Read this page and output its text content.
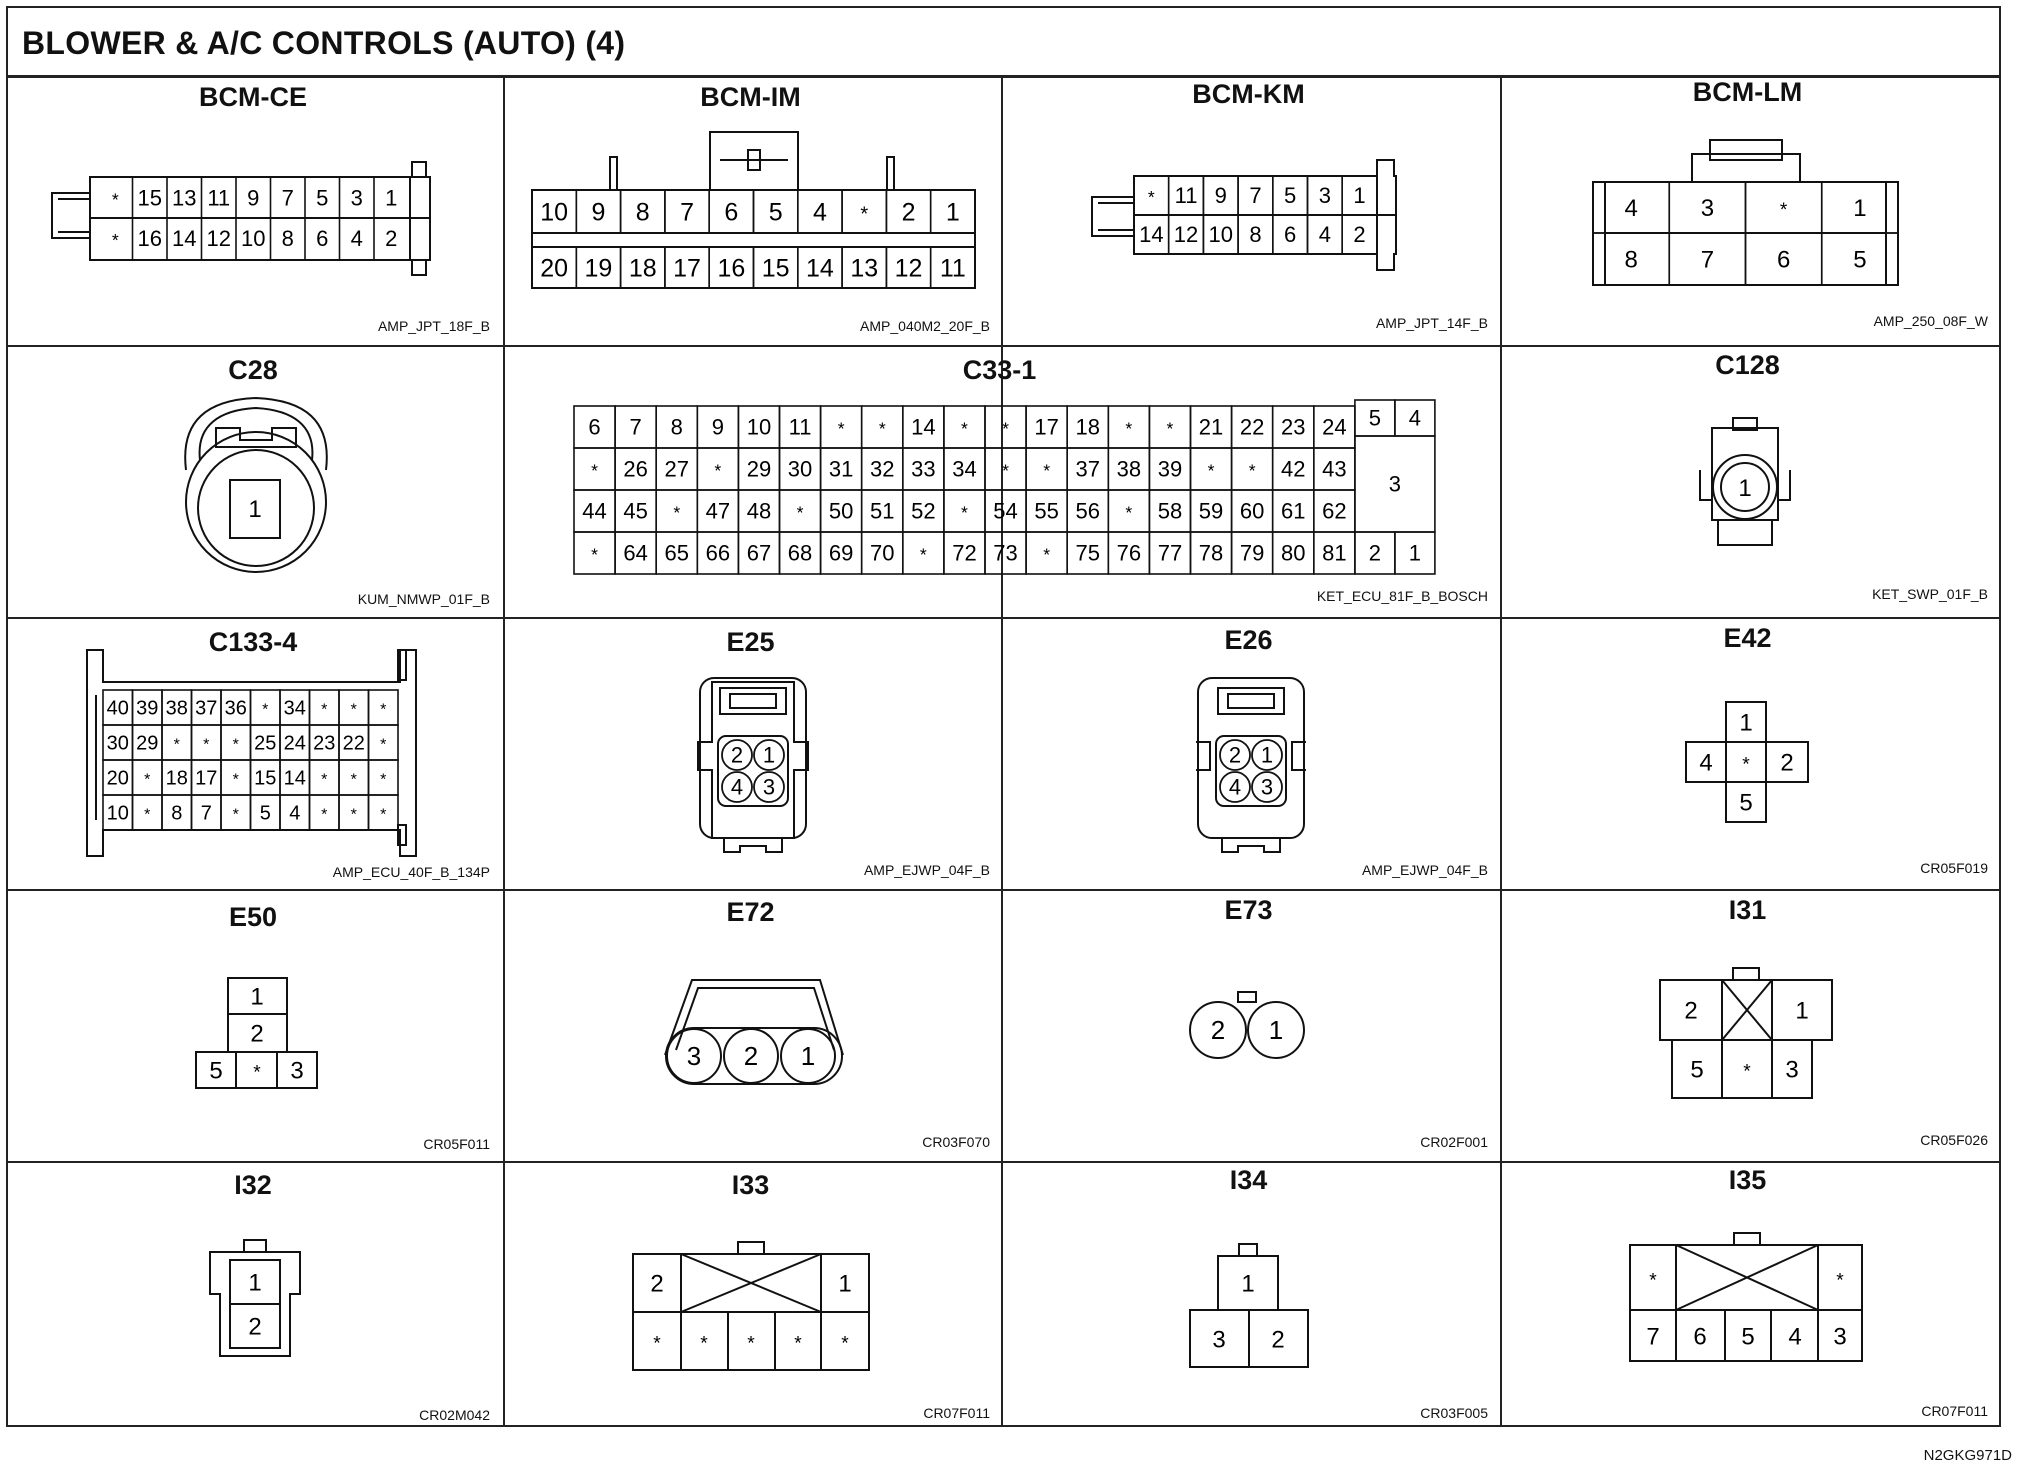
BLOWER & A/C CONTROLS (AUTO) (4)
BCM-CE
AMP_JPT_18F_B
* 15 13 11 9 7 5 3 1
* 16 14 12 10 8 6 4 2
BCM-IM
AMP_040M2_20F_B
10 9 8 7 6 5 4 * 2 1
20 19 18 17 16 15 14 13 12 11
BCM-KM
AMP_JPT_14F_B
* 11 9 7 5 3 1
14 12 10 8 6 4 2
BCM-LM
AMP_250_08F_W
4	3	*	1
8	7	6	5
C28
KUM_NMWP_01F_B
1
C33-1
KET_ECU_81F_B_BOSCH
6 7 8 9 10 11 * * 14 * * 17 18 * * 21 22 23 24
* 26 27 * 29 30 31 32 33 34 * * 37 38 39 * * 42 43
44 45 * 47 48 * 50 51 52 * 54 55 56 * 58 59 60 61 62
* 64 65 66 67 68 69 70 * 72 73 * 75 76 77 78 79 80 81
5 4
3
2 1
C128
KET_SWP_01F_B
1
C133-4
AMP_ECU_40F_B_134P
40 39 38 37 36 * 34 * * *
30 29 * * * 25 24 23 22 *
20 * 18 17 * 15 14 * * *
10 * 8 7 * 5 4 * * *
E25
AMP_EJWP_04F_B
2 1
4 3
E26
AMP_EJWP_04F_B
2 1
4 3
E42
CR05F019
1
4 * 2
5
E50
CR05F011
1
2
5 * 3
E72
CR03F070
3 2 1
E73
CR02F001
2 1
I31
CR05F026
2	1
5 * 3
I32
CR02M042
1
2
I33
CR07F011
2	1
* * * * *
I34
CR03F005
1
3 2
I35
CR07F011
*	*
7 6 5 4 3
N2GKG971D
